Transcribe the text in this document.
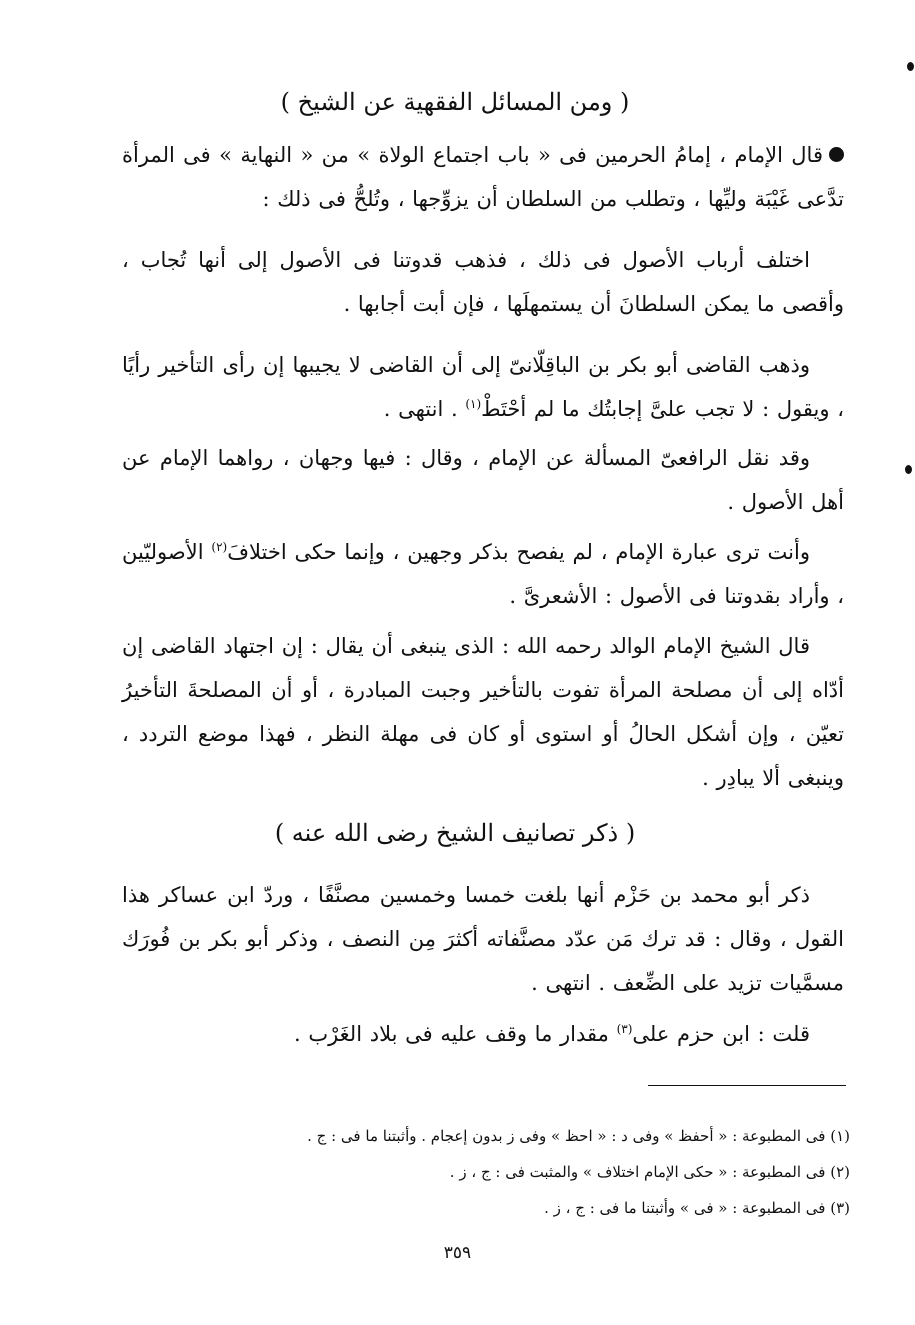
( ومن المسائل الفقهية عن الشيخ )

قال الإمام ، إمامُ الحرمين فى « باب اجتماع الولاة » من « النهاية » فى المرأة تدَّعى غَيْبَة وليِّها ، وتطلب من السلطان أن يزوِّجها ، وتُلحُّ فى ذلك :

اختلف أرباب الأصول فى ذلك ، فذهب قدوتنا فى الأصول إلى أنها تُجاب ، وأقصى ما يمكن السلطانَ أن يستمهلَها ، فإن أبت أجابها .

وذهب القاضى أبو بكر بن الباقِلّانىّ إلى أن القاضى لا يجيبها إن رأى التأخير رأيًا ، ويقول : لا تجب علىَّ إجابتُك ما لم أحْتَطْ$^{(١)}$ . انتهى .

وقد نقل الرافعىّ المسألة عن الإمام ، وقال : فيها وجهان ، رواهما الإمام عن أهل الأصول .

وأنت ترى عبارة الإمام ، لم يفصح بذكر وجهين ، وإنما حكى اختلافَ$^{(٢)}$ الأصوليّين ، وأراد بقدوتنا فى الأصول : الأشعرىَّ .

قال الشيخ الإمام الوالد رحمه الله : الذى ينبغى أن يقال : إن اجتهاد القاضى إن أدّاه إلى أن مصلحة المرأة تفوت بالتأخير وجبت المبادرة ، أو أن المصلحةَ التأخيرُ تعيّن ، وإن أشكل الحالُ أو استوى أو كان فى مهلة النظر ، فهذا موضع التردد ، وينبغى ألا يبادِر .

( ذكر تصانيف الشيخ رضى الله عنه )

ذكر أبو محمد بن حَزْم أنها بلغت خمسا وخمسين مصنَّفًا ، وردّ ابن عساكر هذا القول ، وقال : قد ترك مَن عدّد مصنَّفاته أكثرَ مِن النصف ، وذكر أبو بكر بن فُورَك مسمَّيات تزيد على الضِّعف . انتهى .

قلت : ابن حزم على$^{(٣)}$ مقدار ما وقف عليه فى بلاد الغَرْب .

(١) فى المطبوعة : « أحفظ » وفى د : « احظ » وفى ز بدون إعجام . وأثبتنا ما فى : ج .
(٢) فى المطبوعة : « حكى الإمام اختلاف » والمثبت فى : ج ، ز .
(٣) فى المطبوعة : « فى » وأثبتنا ما فى : ج ، ز .
٣٥٩
